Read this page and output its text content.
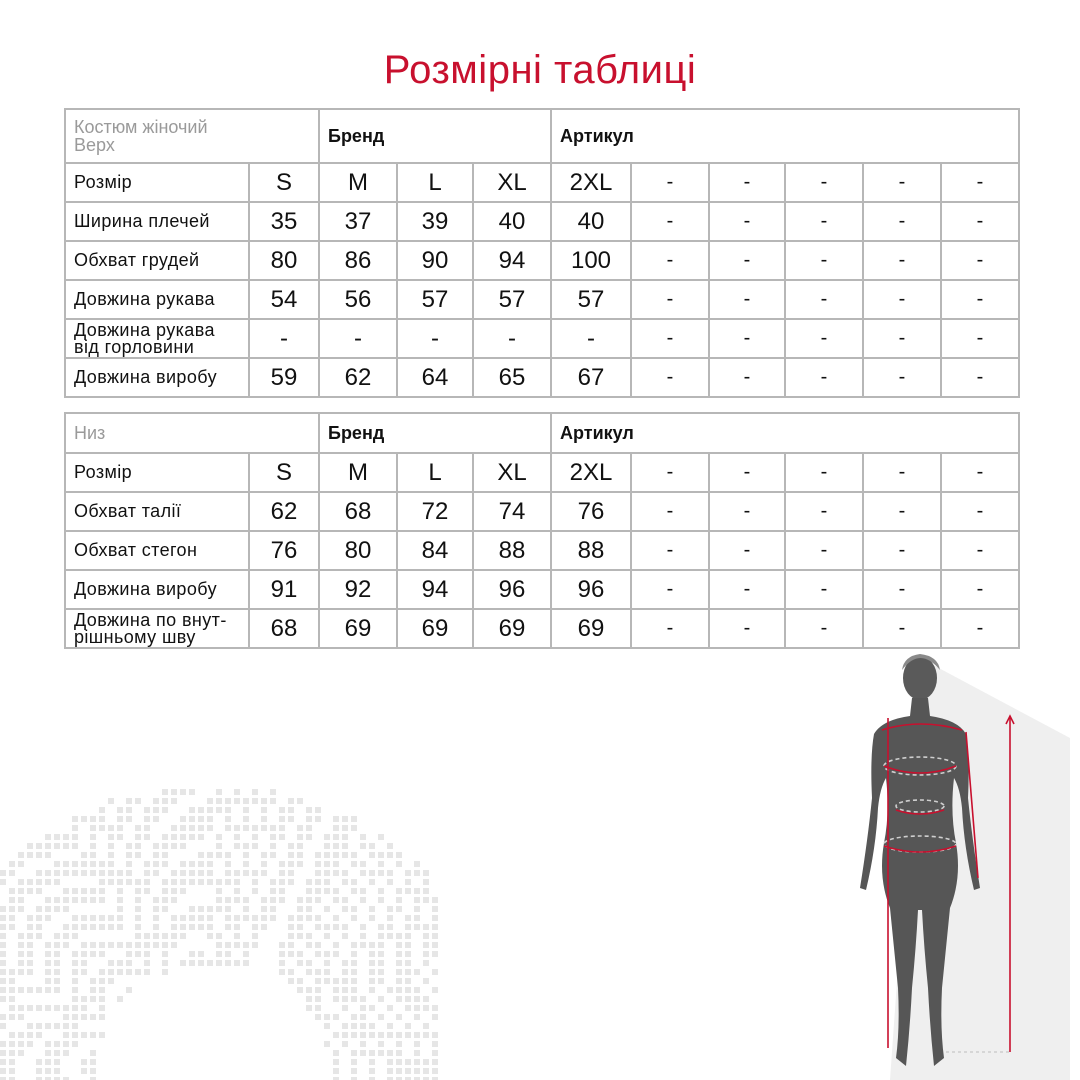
Розмірні таблиці
Костюм жіночий
Верх		Бренд			Артикул					
Розмір	S	M	L	XL	2XL	-	-	-	-	-
Ширина плечей	35	37	39	40	40	-	-	-	-	-
Обхват грудей	80	86	90	94	100	-	-	-	-	-
Довжина рукава	54	56	57	57	57	-	-	-	-	-
Довжина рукава
від горловини	-	-	-	-	-	-	-	-	-	-
Довжина виробу	59	62	64	65	67	-	-	-	-	-
Низ		Бренд			Артикул					
Розмір	S	M	L	XL	2XL	-	-	-	-	-
Обхват талії	62	68	72	74	76	-	-	-	-	-
Обхват стегон	76	80	84	88	88	-	-	-	-	-
Довжина виробу	91	92	94	96	96	-	-	-	-	-
Довжина по внут-
рішньому шву	68	69	69	69	69	-	-	-	-	-
